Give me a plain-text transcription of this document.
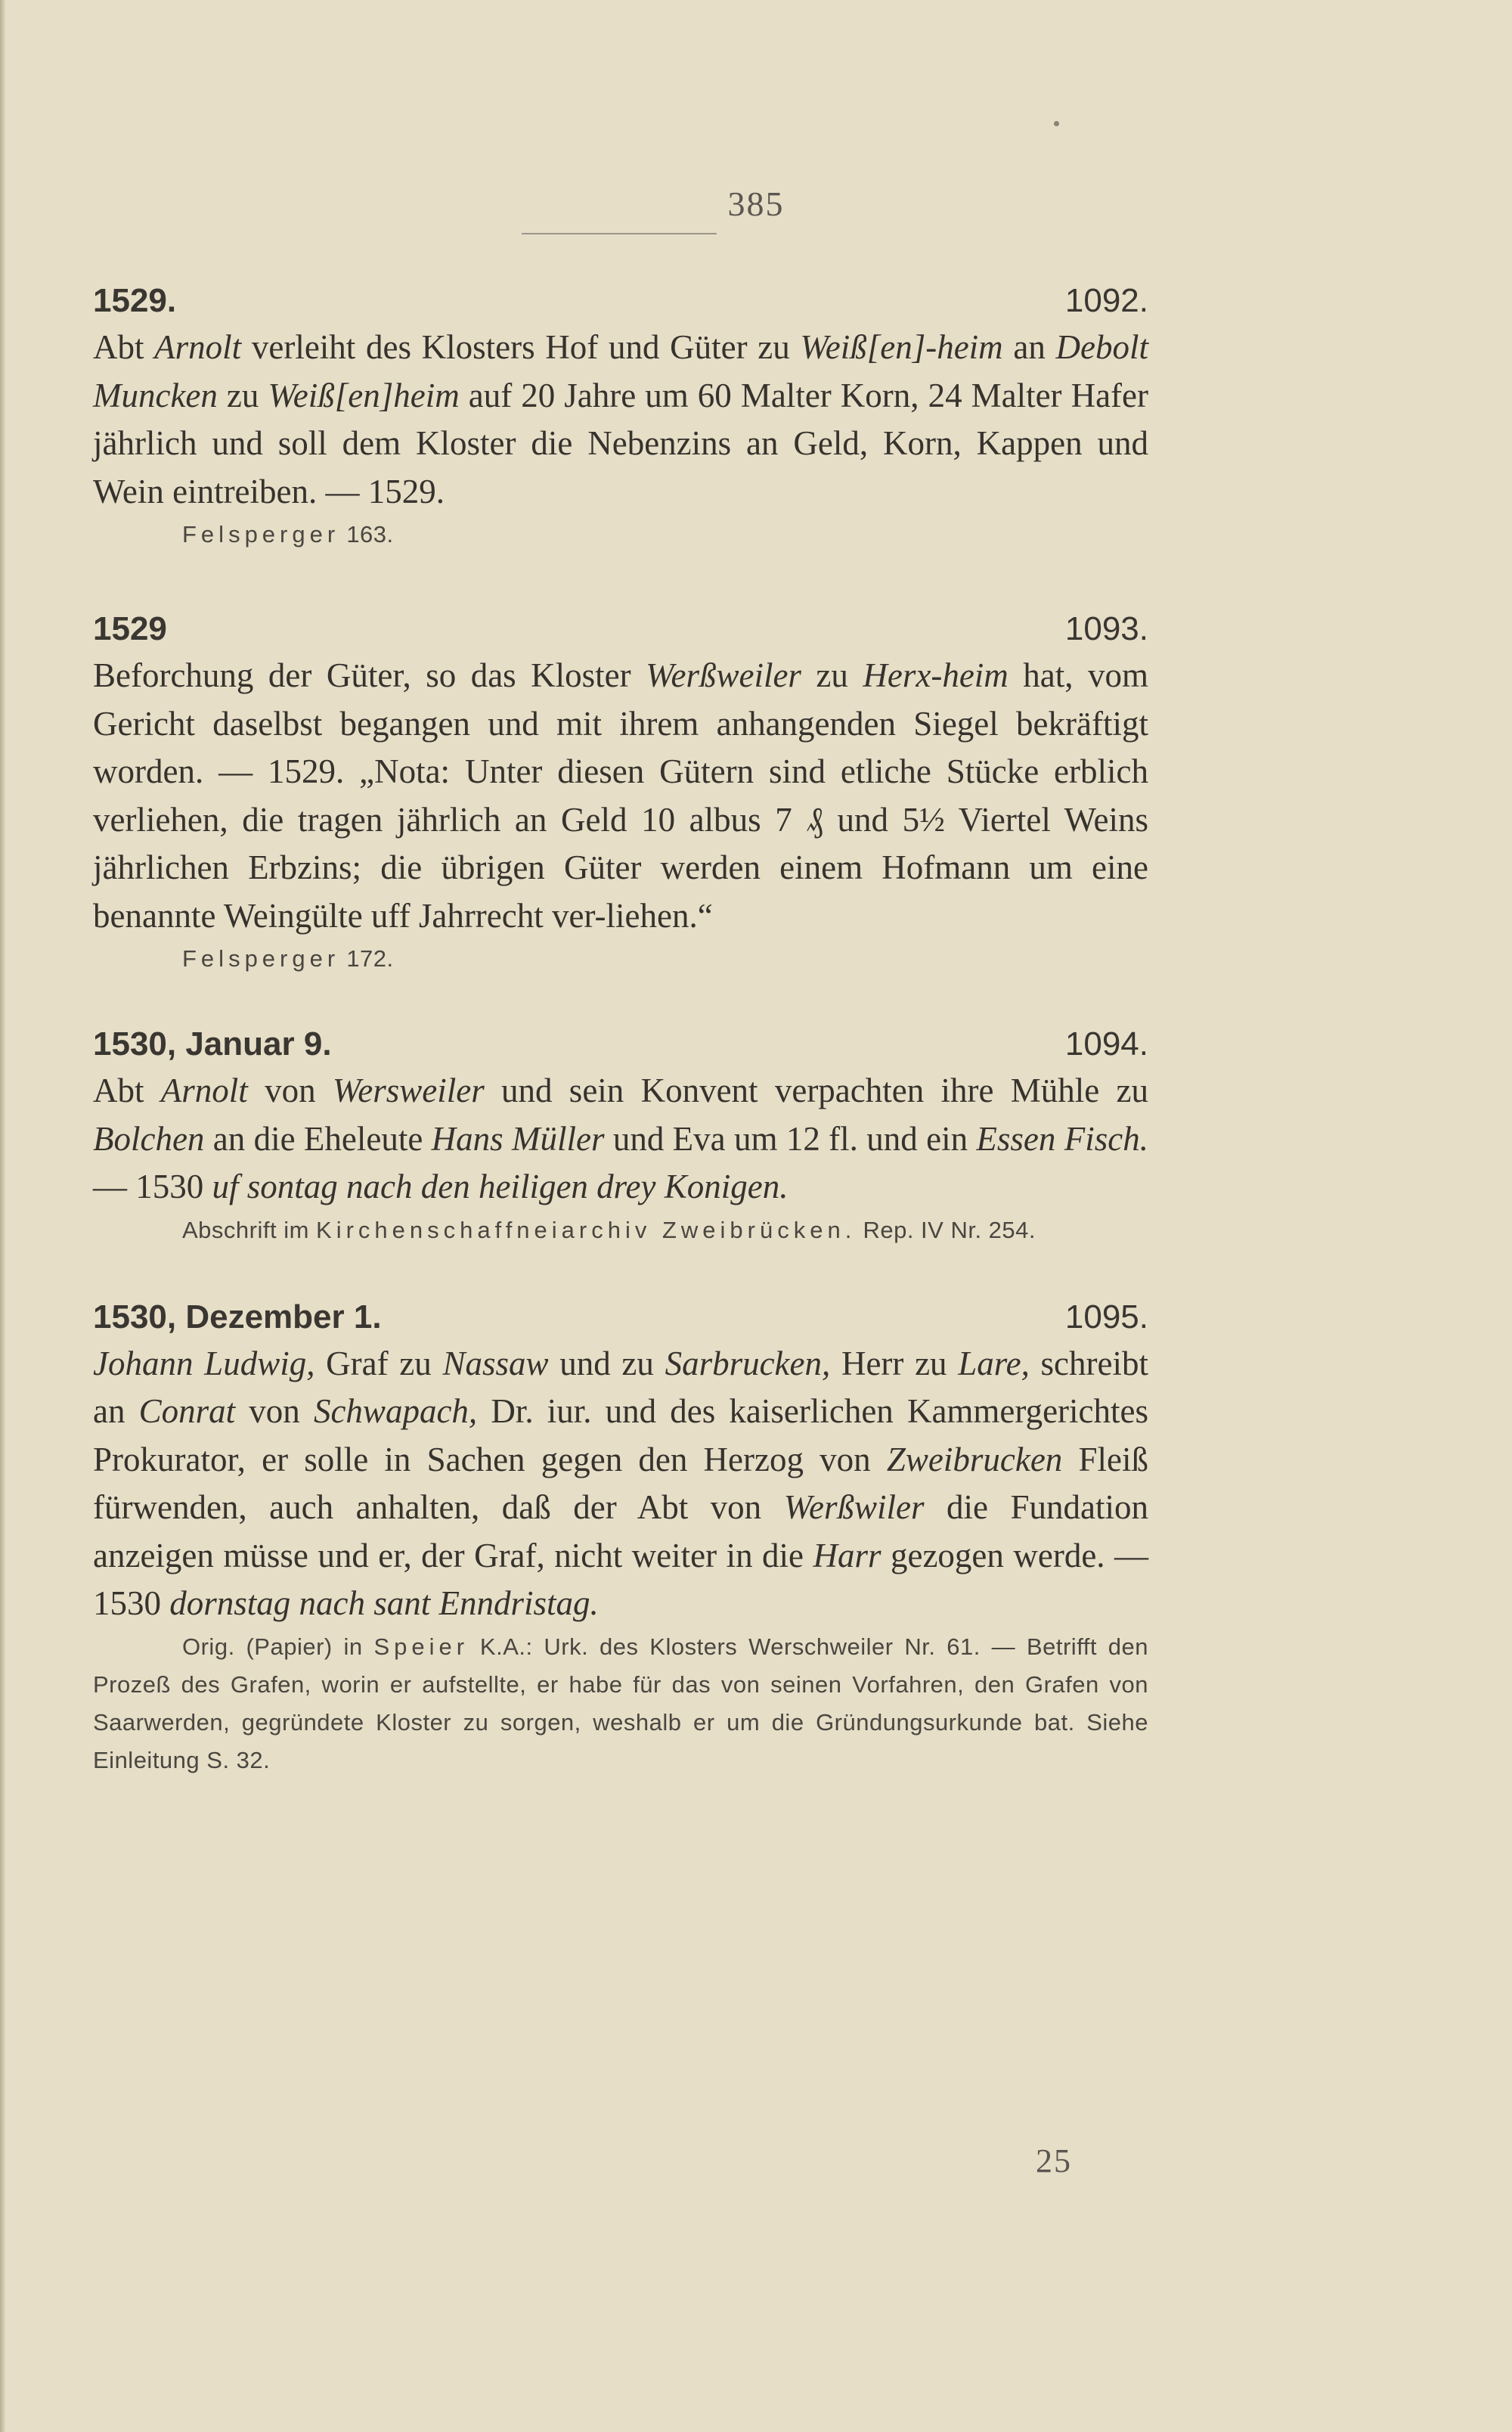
385
1529.	1092.
Abt Arnolt verleiht des Klosters Hof und Güter zu Weiß[en]-heim an Debolt Muncken zu Weiß[en]heim auf 20 Jahre um 60 Malter Korn, 24 Malter Hafer jährlich und soll dem Kloster die Nebenzins an Geld, Korn, Kappen und Wein eintreiben. — 1529.
Felsperger 163.
1529	1093.
Beforchung der Güter, so das Kloster Werßweiler zu Herx-heim hat, vom Gericht daselbst begangen und mit ihrem anhangenden Siegel bekräftigt worden. — 1529. „Nota: Unter diesen Gütern sind etliche Stücke erblich verliehen, die tragen jährlich an Geld 10 albus 7 ₰ und 5½ Viertel Weins jährlichen Erbzins; die übrigen Güter werden einem Hofmann um eine benannte Weingülte uff Jahrrecht ver-liehen.“
Felsperger 172.
1530, Januar 9.	1094.
Abt Arnolt von Wersweiler und sein Konvent verpachten ihre Mühle zu Bolchen an die Eheleute Hans Müller und Eva um 12 fl. und ein Essen Fisch. — 1530 uf sontag nach den heiligen drey Konigen.
Abschrift im Kirchenschaffneiarchiv Zweibrücken. Rep. IV Nr. 254.
1530, Dezember 1.	1095.
Johann Ludwig, Graf zu Nassaw und zu Sarbrucken, Herr zu Lare, schreibt an Conrat von Schwapach, Dr. iur. und des kaiserlichen Kammergerichtes Prokurator, er solle in Sachen gegen den Herzog von Zweibrucken Fleiß fürwenden, auch anhalten, daß der Abt von Werßwiler die Fundation anzeigen müsse und er, der Graf, nicht weiter in die Harr gezogen werde. — 1530 dornstag nach sant Enndristag.
Orig. (Papier) in Speier K.A.: Urk. des Klosters Werschweiler Nr. 61. — Betrifft den Prozeß des Grafen, worin er aufstellte, er habe für das von seinen Vorfahren, den Grafen von Saarwerden, gegründete Kloster zu sorgen, weshalb er um die Gründungsurkunde bat. Siehe Einleitung S. 32.
25
